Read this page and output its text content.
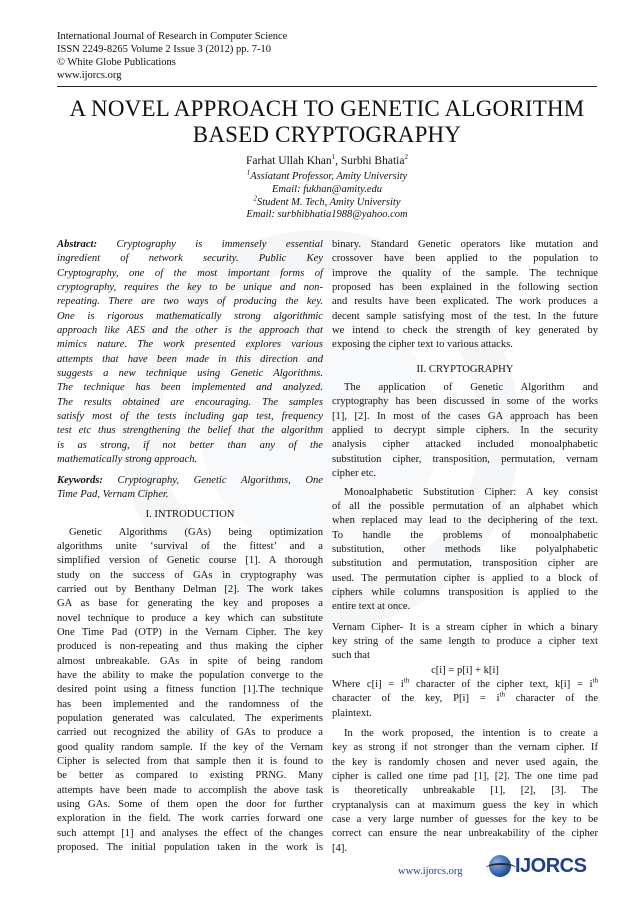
International Journal of Research in Computer Science
ISSN 2249-8265 Volume 2 Issue 3 (2012) pp. 7-10
© White Globe Publications
www.ijorcs.org
A NOVEL APPROACH TO GENETIC ALGORITHM
BASED CRYPTOGRAPHY
Farhat Ullah Khan$^1$, Surbhi Bhatia$^2$
$^1$Assiatant Professor, Amity University
Email: fukhan@amity.edu
$^2$Student M. Tech, Amity University
Email: surbhibhatia1988@yahoo.com
Abstract: Cryptography is immensely essential
ingredient of network security. Public Key
Cryptography, one of the most important forms of
cryptography, requires the key to be unique and non-
repeating. There are two ways of producing the key.
One is rigorous mathematically strong algorithmic
approach like AES and the other is the approach that
mimics nature. The work presented explores various
attempts that have been made in this direction and
suggests a new technique using Genetic Algorithms.
The technique has been implemented and analyzed.
The results obtained are encouraging. The samples
satisfy most of the tests including gap test, frequency
test etc thus strengthening the belief that the algorithm
is as strong, if not better than any of the
mathematically strong approach.
Keywords: Cryptography, Genetic Algorithms, One
Time Pad, Vernam Cipher.
I. INTRODUCTION
Genetic Algorithms (GAs) being optimization
algorithms unite ‘survival of the fittest’ and a
simplified version of Genetic course [1]. A thorough
study on the success of GAs in cryptography was
carried out by Benthany Delman [2]. The work takes
GA as base for generating the key and proposes a
novel technique to produce a key which can substitute
One Time Pad (OTP) in the Vernam Cipher. The key
produced is non-repeating and thus making the cipher
almost unbreakable. GAs in spite of being random
have the ability to make the population converge to the
desired point using a fitness function [1].The technique
has been implemented and the randomness of the
population generated was calculated. The experiments
carried out recognized the ability of GAs to produce a
good quality random sample. If the key of the Vernam
Cipher is selected from that sample then it is found to
be better as compared to existing PRNG. Many
attempts have been made to accomplish the above task
using GAs. Some of them open the door for further
exploration in the field. The work carries forward one
such attempt [1] and analyses the effect of the changes
proposed. The initial population taken in the work is
binary. Standard Genetic operators like mutation and
crossover have been applied to the population to
improve the quality of the sample. The technique
proposed has been explained in the following section
and results have been explicated. The work produces a
decent sample satisfying most of the test. In the future
we intend to check the strength of key generated by
exposing the cipher text to various attacks.
II. CRYPTOGRAPHY
The application of Genetic Algorithm and
cryptography has been discussed in some of the works
[1], [2]. In most of the cases GA approach has been
applied to decrypt simple ciphers. In the security
analysis cipher attacked included monoalphabetic
substitution cipher, transposition, permutation, vernam
cipher etc.
Monoalphabetic Substitution Cipher: A key consist
of all the possible permutation of an alphabet which
when replaced may lead to the deciphering of the text.
To handle the problems of monoalphabetic
substitution, other methods like polyalphabetic
substitution and permutation, transposition cipher are
used. The permutation cipher is applied to a block of
ciphers while columns transposition is applied to the
entire text at once.
Vernam Cipher- It is a stream cipher in which a binary
key string of the same length to produce a cipher text
such that
c[i] = p[i] + k[i]
Where $c[i] = i^{th}$ character of the cipher text, $k[i] = i^{th}$
character of the key, $P[i] = i^{th}$ character of the
plaintext.
In the work proposed, the intention is to create a
key as strong if not stronger than the vernam cipher. If
the key is randomly chosen and never used again, the
cipher is called one time pad [1], [2]. The one time pad
is theoretically unbreakable [1], [2], [3]. The
cryptanalysis can at maximum guess the key in which
case a very large number of guesses for the key to be
correct can ensure the near unbreakability of the cipher
[4].
www.ijorcs.org	IJORCS
